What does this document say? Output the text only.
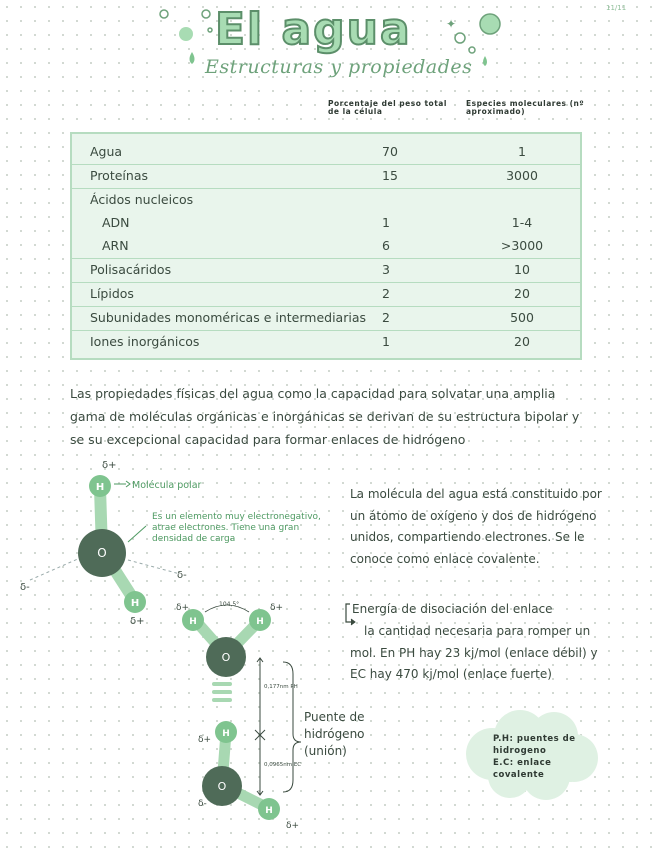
11/11
✦
El agua
Estructuras y propiedades
Porcentaje del peso total de la célula
Especies moleculares (nº aproximado)
Agua	70	1
Proteínas	15	3000
Ácidos nucleicos
ADN	1	1-4
ARN	6	>3000
Polisacáridos	3	10
Lípidos	2	20
Subunidades monoméricas e intermediarias 2	500
Iones inorgánicos	1	20
Las propiedades físicas del agua como la capacidad para solvatar una amplia gama de moléculas orgánicas e inorgánicas se derivan de su estructura bipolar y se su excepcional capacidad para formar enlaces de hidrógeno
H
O
H
δ+
δ+
δ-
δ-
Molécula polar
H	H
O
δ+	δ+
104,5°
H
O
H
δ+
δ-
δ+
0,177nm PH
0,0965nm EC
Es un elemento muy electronegativo, atrae electrones. Tiene una gran densidad de carga
Puente de hidrógeno (unión)
La molécula del agua está constituido por un átomo de oxígeno y dos de hidrógeno unidos, compartiendo electrones. Se le conoce como enlace covalente.
Energía de disociación del enlace
la cantidad necesaria para romper un mol. En PH hay 23 kj/mol (enlace débil) y EC hay 470 kj/mol (enlace fuerte)
P.H: puentes de
hidrogeno
E.C: enlace
covalente
